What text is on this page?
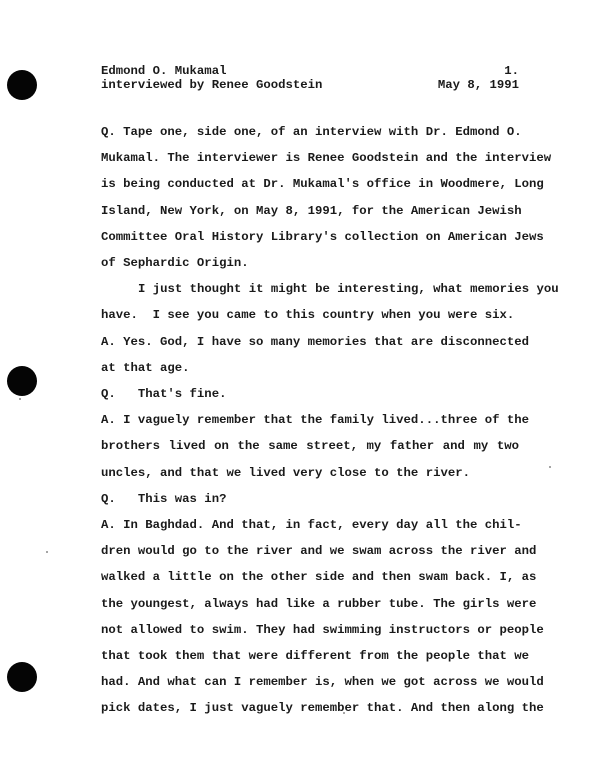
Edmond O. Mukamal	1.
interviewed by Renee Goodstein	May 8, 1991
Q. Tape one, side one, of an interview with Dr. Edmond O.
Mukamal. The interviewer is Renee Goodstein and the interview
is being conducted at Dr. Mukamal's office in Woodmere, Long
Island, New York, on May 8, 1991, for the American Jewish
Committee Oral History Library's collection on American Jews
of Sephardic Origin.
I just thought it might be interesting, what memories you
have.  I see you came to this country when you were six.
A. Yes. God, I have so many memories that are disconnected
at that age.
Q.   That's fine.
A. I vaguely remember that the family lived...three of the
brothers lived on the same street, my father and my two
uncles, and that we lived very close to the river.
Q.   This was in?
A. In Baghdad. And that, in fact, every day all the chil-
dren would go to the river and we swam across the river and
walked a little on the other side and then swam back. I, as
the youngest, always had like a rubber tube. The girls were
not allowed to swim. They had swimming instructors or people
that took them that were different from the people that we
had. And what can I remember is, when we got across we would
pick dates, I just vaguely remember that. And then along the
